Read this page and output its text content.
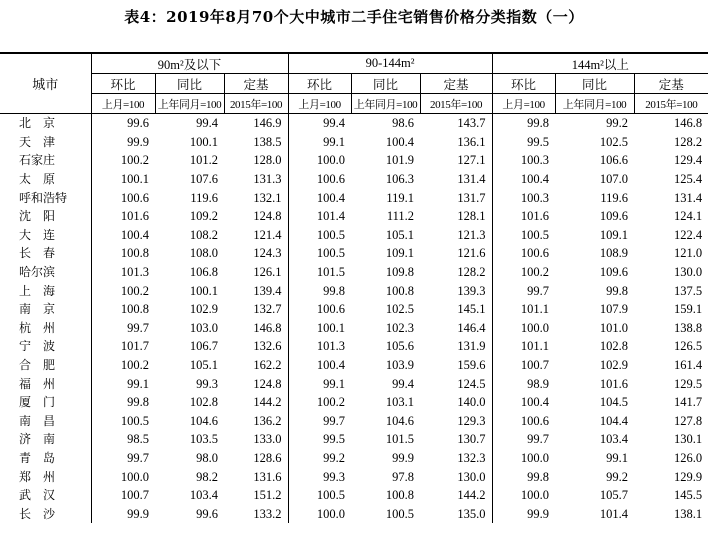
表4：2019年8月70个大中城市二手住宅销售价格分类指数（一）
城市	90m²及以下			90-144m²			144m²以上		
	环比	同比	定基	环比	同比	定基	环比	同比	定基
	上月=100	上年同月=100	2015年=100	上月=100	上年同月=100	2015年=100	上月=100	上年同月=100	2015年=100
北　京	99.6	99.4	146.9	99.4	98.6	143.7	99.8	99.2	146.8
天　津	99.9	100.1	138.5	99.1	100.4	136.1	99.5	102.5	128.2
石家庄	100.2	101.2	128.0	100.0	101.9	127.1	100.3	106.6	129.4
太　原	100.1	107.6	131.3	100.6	106.3	131.4	100.4	107.0	125.4
呼和浩特	100.6	119.6	132.1	100.4	119.1	131.7	100.3	119.6	131.4
沈　阳	101.6	109.2	124.8	101.4	111.2	128.1	101.6	109.6	124.1
大　连	100.4	108.2	121.4	100.5	105.1	121.3	100.5	109.1	122.4
长　春	100.8	108.0	124.3	100.5	109.1	121.6	100.6	108.9	121.0
哈尔滨	101.3	106.8	126.1	101.5	109.8	128.2	100.2	109.6	130.0
上　海	100.2	100.1	139.4	99.8	100.8	139.3	99.7	99.8	137.5
南　京	100.8	102.9	132.7	100.6	102.5	145.1	101.1	107.9	159.1
杭　州	99.7	103.0	146.8	100.1	102.3	146.4	100.0	101.0	138.8
宁　波	101.7	106.7	132.6	101.3	105.6	131.9	101.1	102.8	126.5
合　肥	100.2	105.1	162.2	100.4	103.9	159.6	100.7	102.9	161.4
福　州	99.1	99.3	124.8	99.1	99.4	124.5	98.9	101.6	129.5
厦　门	99.8	102.8	144.2	100.2	103.1	140.0	100.4	104.5	141.7
南　昌	100.5	104.6	136.2	99.7	104.6	129.3	100.6	104.4	127.8
济　南	98.5	103.5	133.0	99.5	101.5	130.7	99.7	103.4	130.1
青　岛	99.7	98.0	128.6	99.2	99.9	132.3	100.0	99.1	126.0
郑　州	100.0	98.2	131.6	99.3	97.8	130.0	99.8	99.2	129.9
武　汉	100.7	103.4	151.2	100.5	100.8	144.2	100.0	105.7	145.5
长　沙	99.9	99.6	133.2	100.0	100.5	135.0	99.9	101.4	138.1
